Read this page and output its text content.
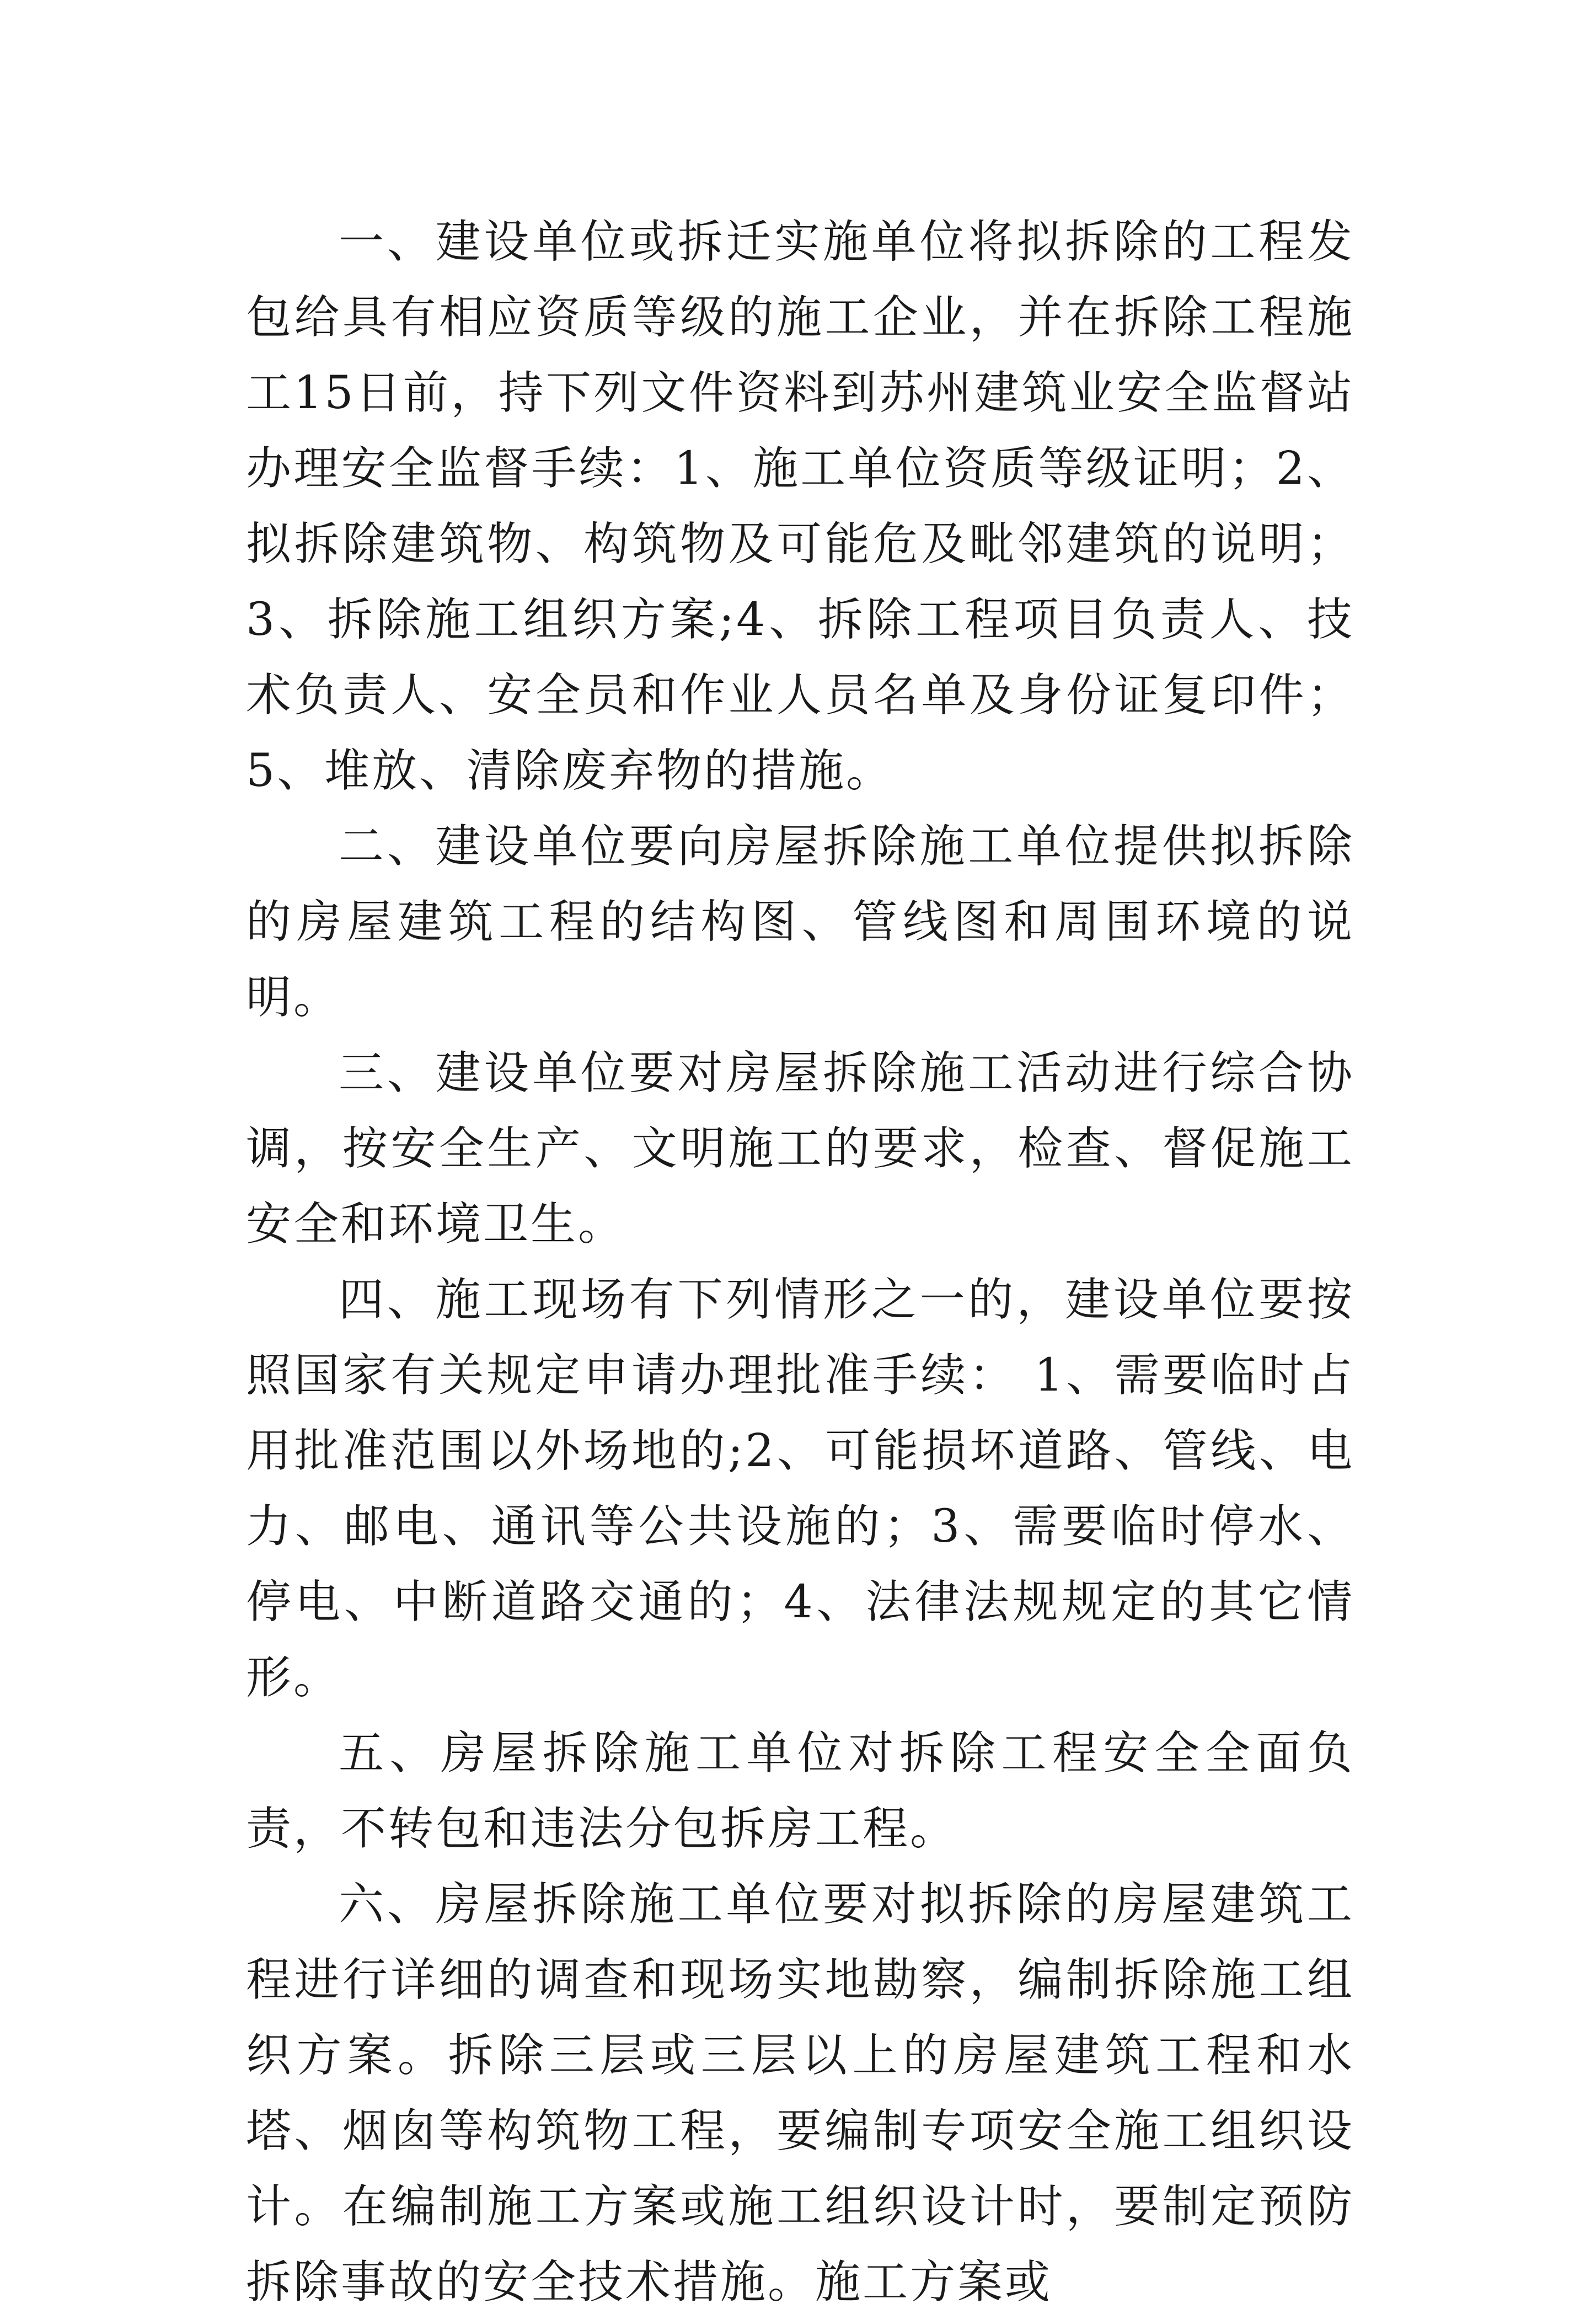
一、建设单位或拆迁实施单位将拟拆除的工程发包给具有相应资质等级的施工企业，并在拆除工程施工15日前，持下列文件资料到苏州建筑业安全监督站办理安全监督手续：1、施工单位资质等级证明；2、拟拆除建筑物、构筑物及可能危及毗邻建筑的说明；3、拆除施工组织方案;4、拆除工程项目负责人、技术负责人、安全员和作业人员名单及身份证复印件；5、堆放、清除废弃物的措施。

二、建设单位要向房屋拆除施工单位提供拟拆除的房屋建筑工程的结构图、管线图和周围环境的说明。

三、建设单位要对房屋拆除施工活动进行综合协调，按安全生产、文明施工的要求，检查、督促施工安全和环境卫生。

四、施工现场有下列情形之一的，建设单位要按照国家有关规定申请办理批准手续： 1、需要临时占用批准范围以外场地的;2、可能损坏道路、管线、电力、邮电、通讯等公共设施的；3、需要临时停水、停电、中断道路交通的；4、法律法规规定的其它情形。

五、房屋拆除施工单位对拆除工程安全全面负责，不转包和违法分包拆房工程。

六、房屋拆除施工单位要对拟拆除的房屋建筑工程进行详细的调查和现场实地勘察，编制拆除施工组织方案。拆除三层或三层以上的房屋建筑工程和水塔、烟囱等构筑物工程，要编制专项安全施工组织设计。在编制施工方案或施工组织设计时，要制定预防拆除事故的安全技术措施。施工方案或
